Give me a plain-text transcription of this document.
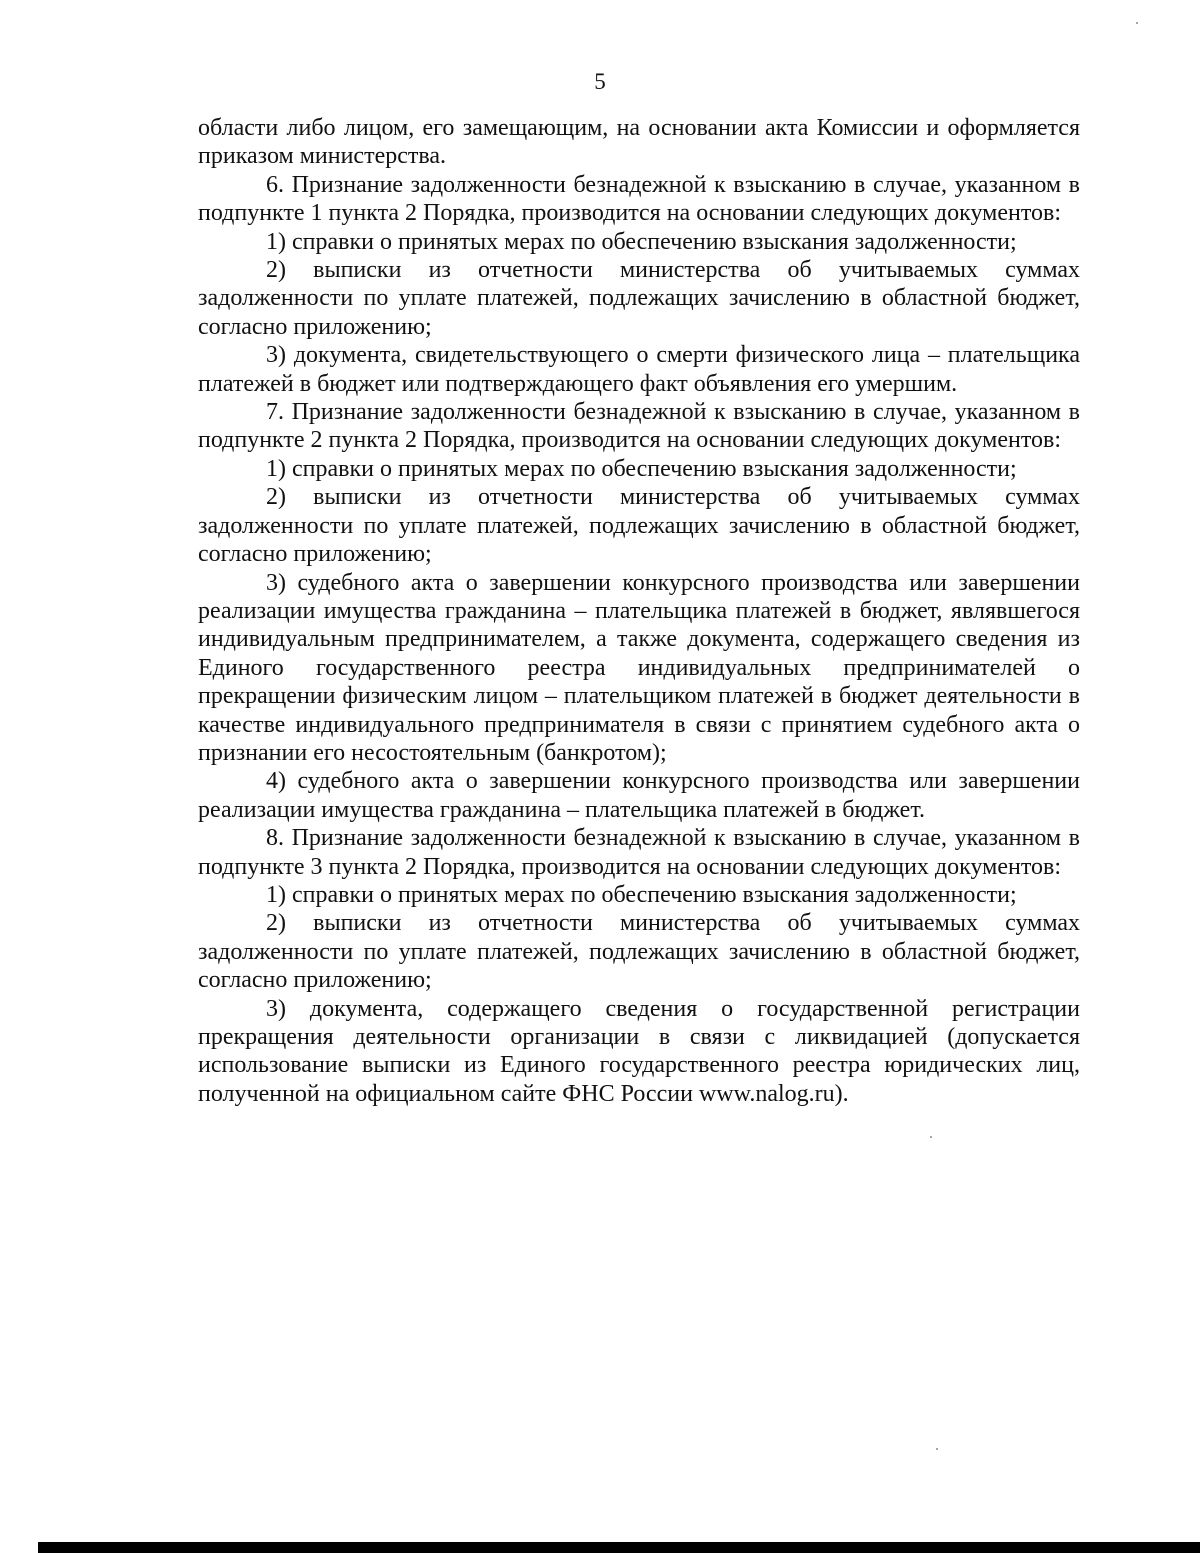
5

области либо лицом, его замещающим, на основании акта Комиссии и оформляется приказом министерства.

6. Признание задолженности безнадежной к взысканию в случае, указанном в подпункте 1 пункта 2 Порядка, производится на основании следующих документов:

1) справки о принятых мерах по обеспечению взыскания задолженности;

2) выписки из отчетности министерства об учитываемых суммах задолженности по уплате платежей, подлежащих зачислению в областной бюджет, согласно приложению;

3) документа, свидетельствующего о смерти физического лица – плательщика платежей в бюджет или подтверждающего факт объявления его умершим.

7. Признание задолженности безнадежной к взысканию в случае, указанном в подпункте 2 пункта 2 Порядка, производится на основании следующих документов:

1) справки о принятых мерах по обеспечению взыскания задолженности;

2) выписки из отчетности министерства об учитываемых суммах задолженности по уплате платежей, подлежащих зачислению в областной бюджет, согласно приложению;

3) судебного акта о завершении конкурсного производства или завершении реализации имущества гражданина – плательщика платежей в бюджет, являвшегося индивидуальным предпринимателем, а также документа, содержащего сведения из Единого государственного реестра индивидуальных предпринимателей о прекращении физическим лицом – плательщиком платежей в бюджет деятельности в качестве индивидуального предпринимателя в связи с принятием судебного акта о признании его несостоятельным (банкротом);

4) судебного акта о завершении конкурсного производства или завершении реализации имущества гражданина – плательщика платежей в бюджет.

8. Признание задолженности безнадежной к взысканию в случае, указанном в подпункте 3 пункта 2 Порядка, производится на основании следующих документов:

1) справки о принятых мерах по обеспечению взыскания задолженности;

2) выписки из отчетности министерства об учитываемых суммах задолженности по уплате платежей, подлежащих зачислению в областной бюджет, согласно приложению;

3) документа, содержащего сведения о государственной регистрации прекращения деятельности организации в связи с ликвидацией (допускается использование выписки из Единого государственного реестра юридических лиц, полученной на официальном сайте ФНС России www.nalog.ru).
